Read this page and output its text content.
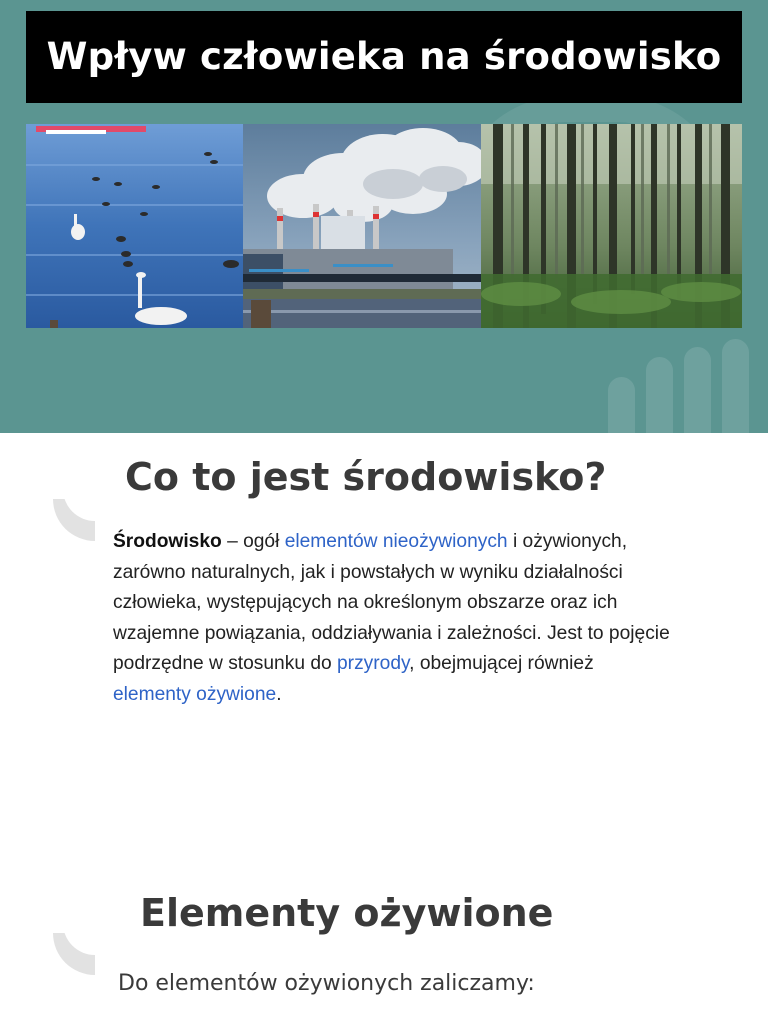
Wpływ człowieka na środowisko
Co to jest środowisko?
Środowisko – ogół elementów nieożywionych i ożywionych, zarówno naturalnych, jak i powstałych w wyniku działalności człowieka, występujących na określonym obszarze oraz ich wzajemne powiązania, oddziaływania i zależności. Jest to pojęcie podrzędne w stosunku do przyrody, obejmującej również elementy ożywione.
Elementy ożywione
Do elementów ożywionych zaliczamy:
